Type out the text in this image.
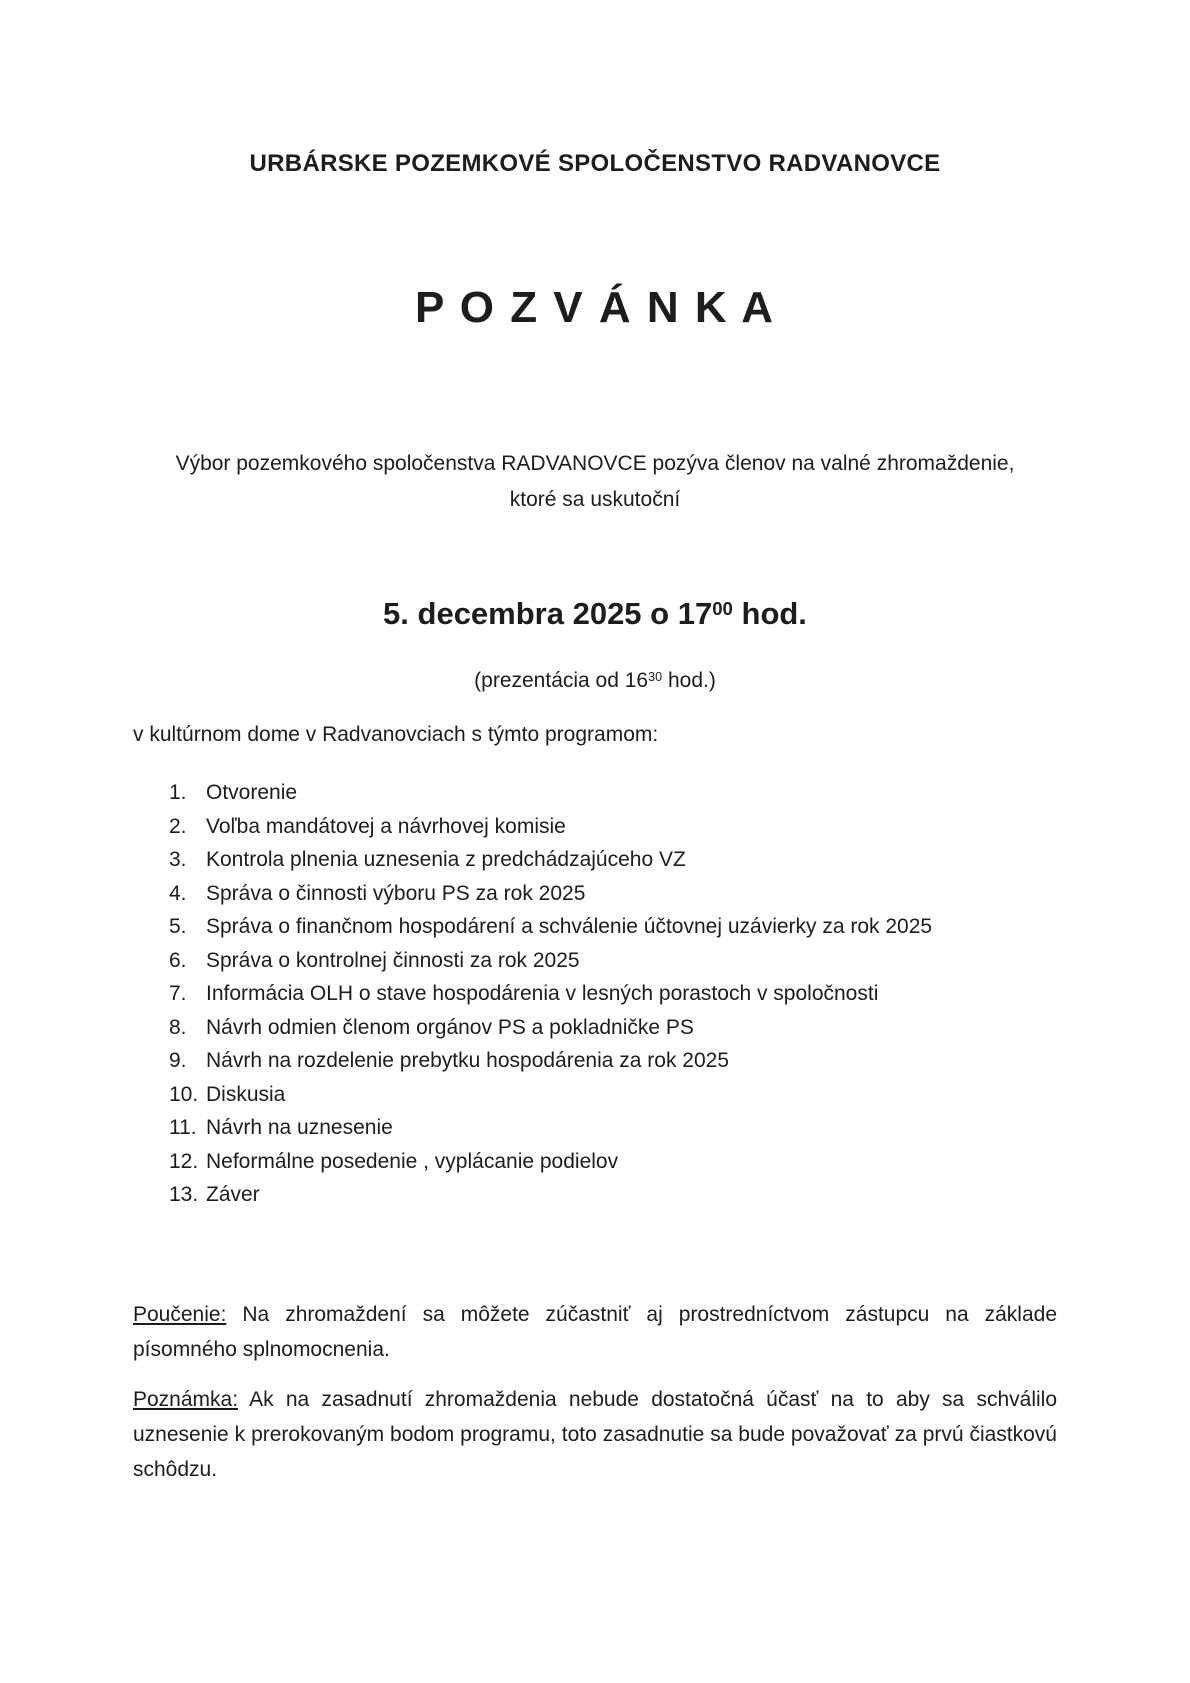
URBÁRSKE POZEMKOVÉ SPOLOČENSTVO RADVANOVCE
P O Z V Á N K A
Výbor pozemkového spoločenstva RADVANOVCE pozýva členov na valné zhromaždenie,
ktoré sa uskutoční
5. decembra 2025 o $17^{00}$ hod.
(prezentácia od $16^{30}$ hod.)
v kultúrnom dome v Radvanovciach s týmto programom:
1. Otvorenie
2. Voľba mandátovej a návrhovej komisie
3. Kontrola plnenia uznesenia z predchádzajúceho VZ
4. Správa o činnosti výboru PS za rok 2025
5. Správa o finančnom hospodárení a schválenie účtovnej uzávierky za rok 2025
6. Správa o kontrolnej činnosti za rok 2025
7. Informácia OLH o stave hospodárenia v lesných porastoch v spoločnosti
8. Návrh odmien členom orgánov PS a pokladničke PS
9. Návrh na rozdelenie prebytku hospodárenia za rok 2025
10. Diskusia
11. Návrh na uznesenie
12. Neformálne posedenie , vyplácanie podielov
13. Záver
Poučenie: Na zhromaždení sa môžete zúčastniť aj prostredníctvom zástupcu na základe písomného splnomocnenia.
Poznámka: Ak na zasadnutí zhromaždenia nebude dostatočná účasť na to aby sa schválilo uznesenie k prerokovaným bodom programu, toto zasadnutie sa bude považovať za prvú čiastkovú schôdzu.
